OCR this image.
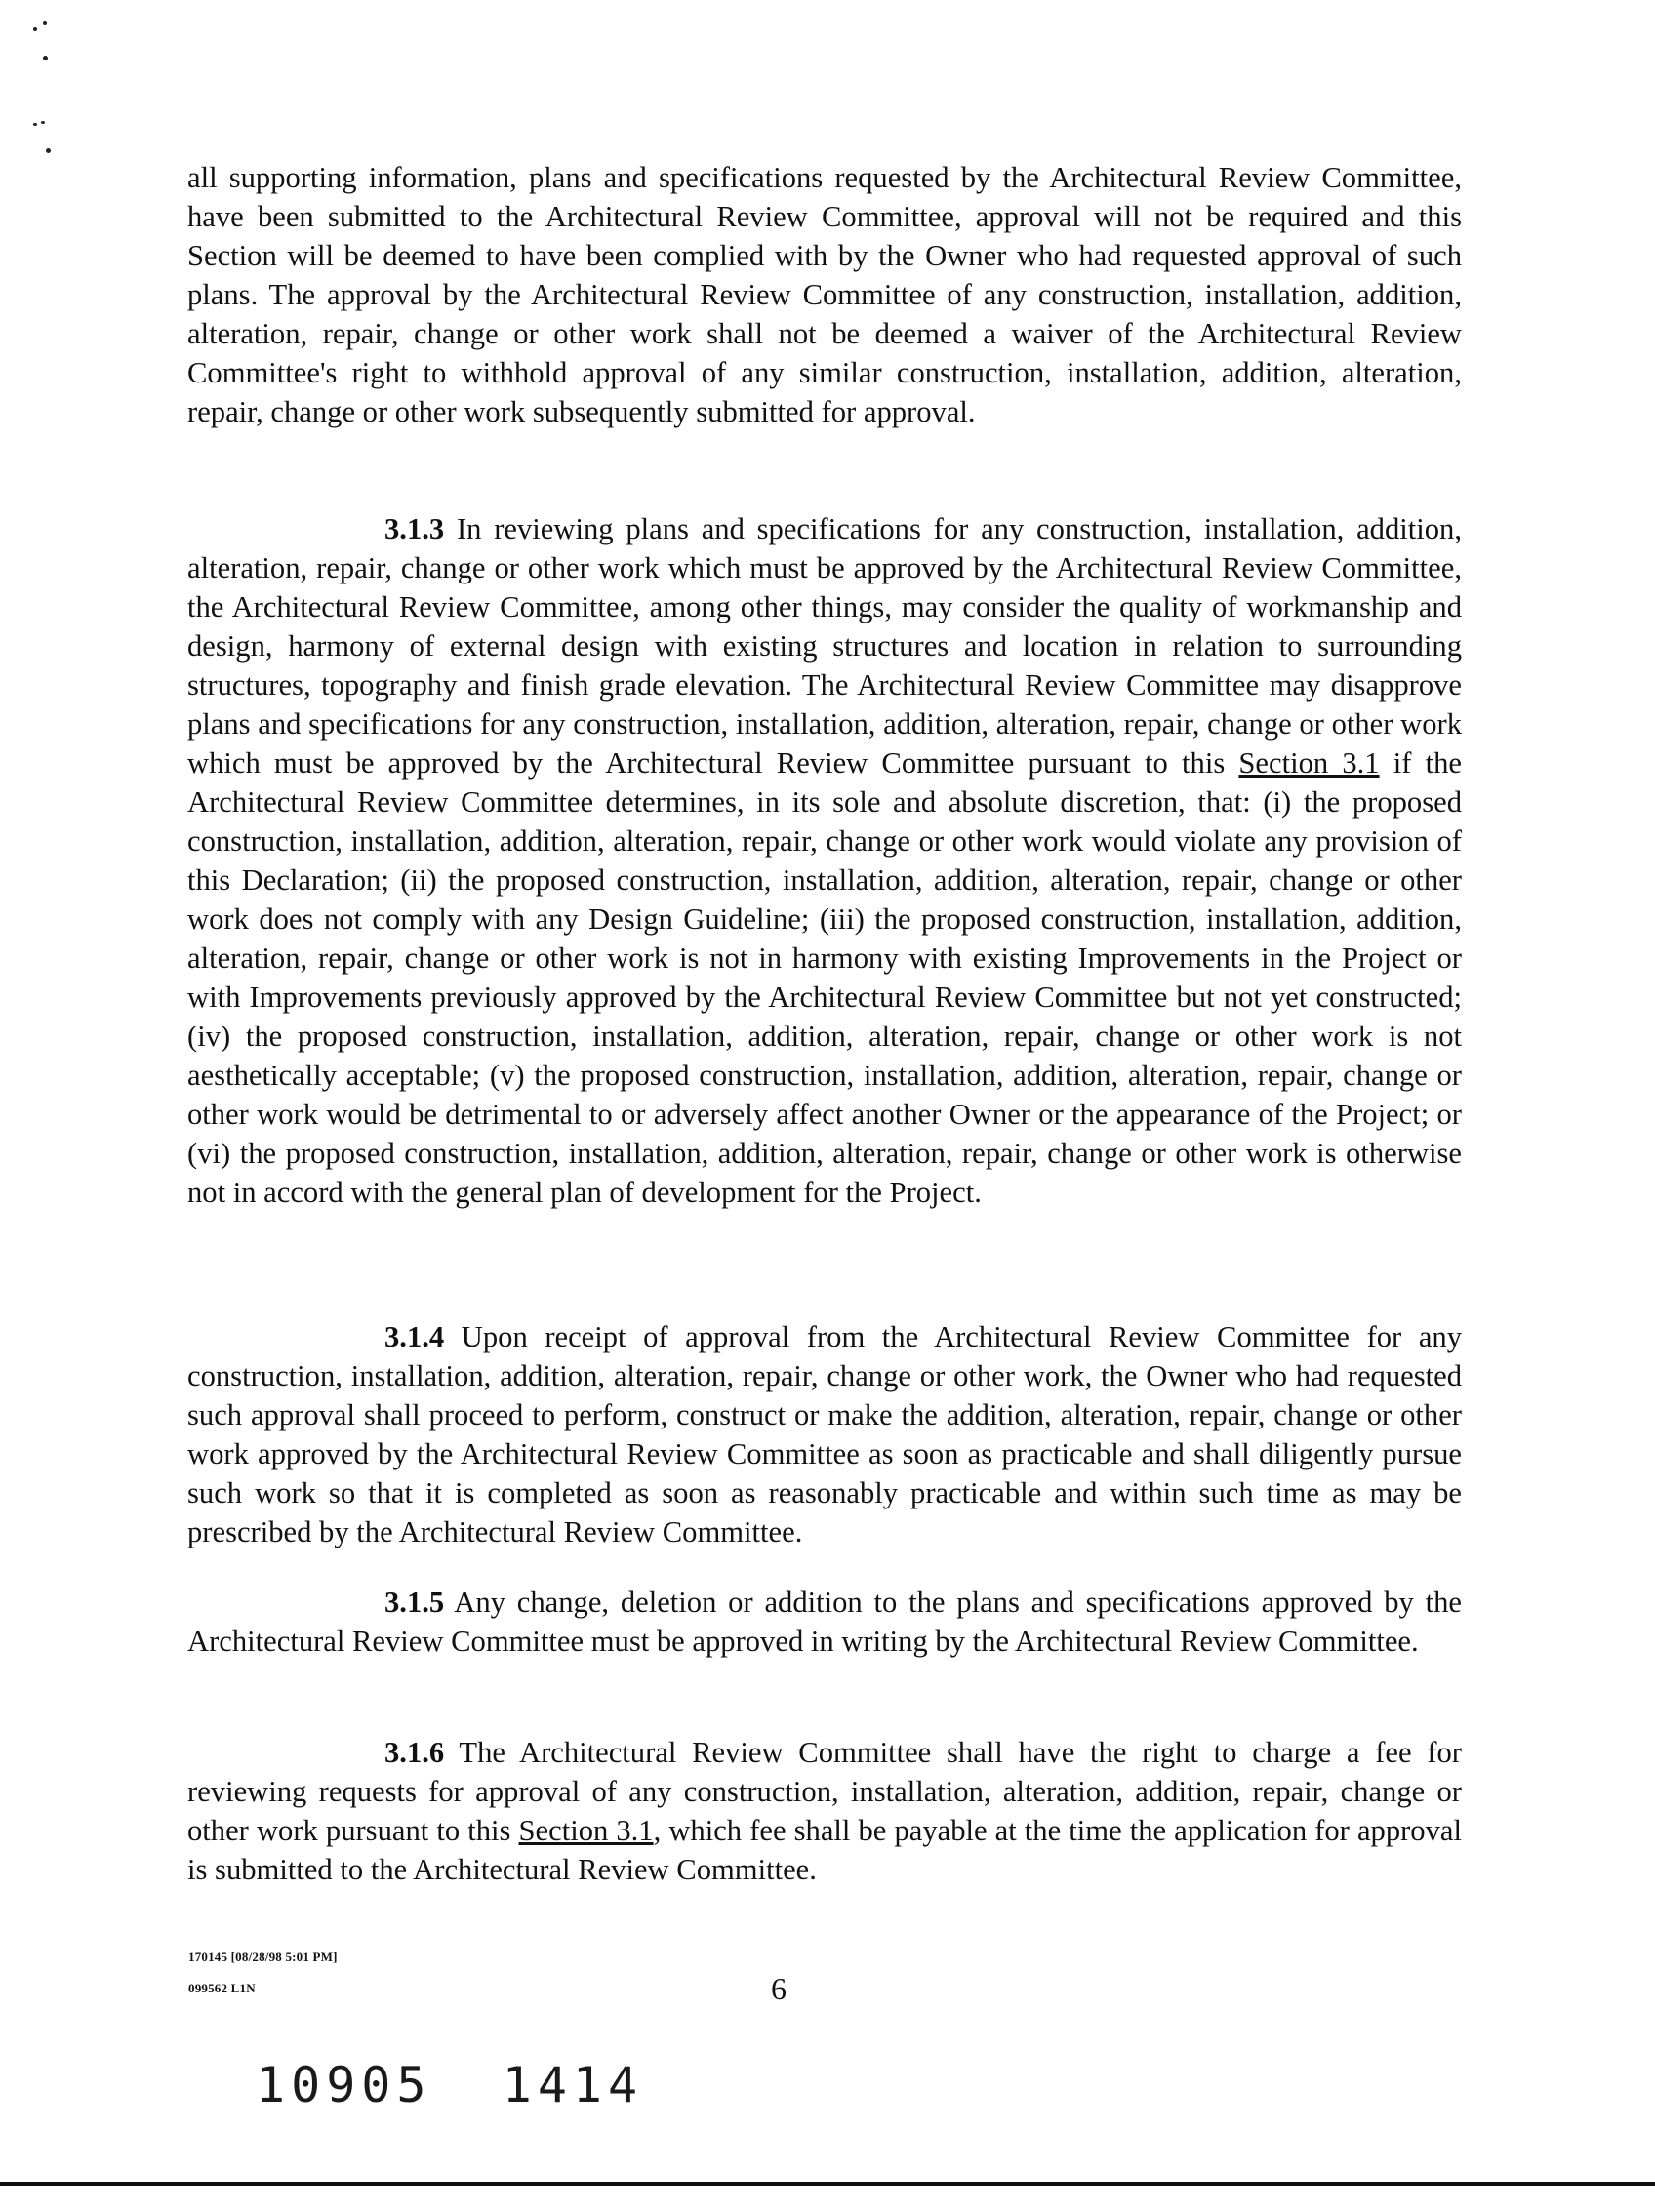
all supporting information, plans and specifications requested by the Architectural Review Committee, have been submitted to the Architectural Review Committee, approval will not be required and this Section will be deemed to have been complied with by the Owner who had requested approval of such plans. The approval by the Architectural Review Committee of any construction, installation, addition, alteration, repair, change or other work shall not be deemed a waiver of the Architectural Review Committee's right to withhold approval of any similar construction, installation, addition, alteration, repair, change or other work subsequently submitted for approval.

3.1.3 In reviewing plans and specifications for any construction, installation, addition, alteration, repair, change or other work which must be approved by the Architectural Review Committee, the Architectural Review Committee, among other things, may consider the quality of workmanship and design, harmony of external design with existing structures and location in relation to surrounding structures, topography and finish grade elevation. The Architectural Review Committee may disapprove plans and specifications for any construction, installation, addition, alteration, repair, change or other work which must be approved by the Architectural Review Committee pursuant to this Section 3.1 if the Architectural Review Committee determines, in its sole and absolute discretion, that: (i) the proposed construction, installation, addition, alteration, repair, change or other work would violate any provision of this Declaration; (ii) the proposed construction, installation, addition, alteration, repair, change or other work does not comply with any Design Guideline; (iii) the proposed construction, installation, addition, alteration, repair, change or other work is not in harmony with existing Improvements in the Project or with Improvements previously approved by the Architectural Review Committee but not yet constructed; (iv) the proposed construction, installation, addition, alteration, repair, change or other work is not aesthetically acceptable; (v) the proposed construction, installation, addition, alteration, repair, change or other work would be detrimental to or adversely affect another Owner or the appearance of the Project; or (vi) the proposed construction, installation, addition, alteration, repair, change or other work is otherwise not in accord with the general plan of development for the Project.

3.1.4 Upon receipt of approval from the Architectural Review Committee for any construction, installation, addition, alteration, repair, change or other work, the Owner who had requested such approval shall proceed to perform, construct or make the addition, alteration, repair, change or other work approved by the Architectural Review Committee as soon as practicable and shall diligently pursue such work so that it is completed as soon as reasonably practicable and within such time as may be prescribed by the Architectural Review Committee.

3.1.5 Any change, deletion or addition to the plans and specifications approved by the Architectural Review Committee must be approved in writing by the Architectural Review Committee.

3.1.6 The Architectural Review Committee shall have the right to charge a fee for reviewing requests for approval of any construction, installation, alteration, addition, repair, change or other work pursuant to this Section 3.1, which fee shall be payable at the time the application for approval is submitted to the Architectural Review Committee.

170145 [08/28/98 5:01 PM]
099562 L1N	6
10905  1414
